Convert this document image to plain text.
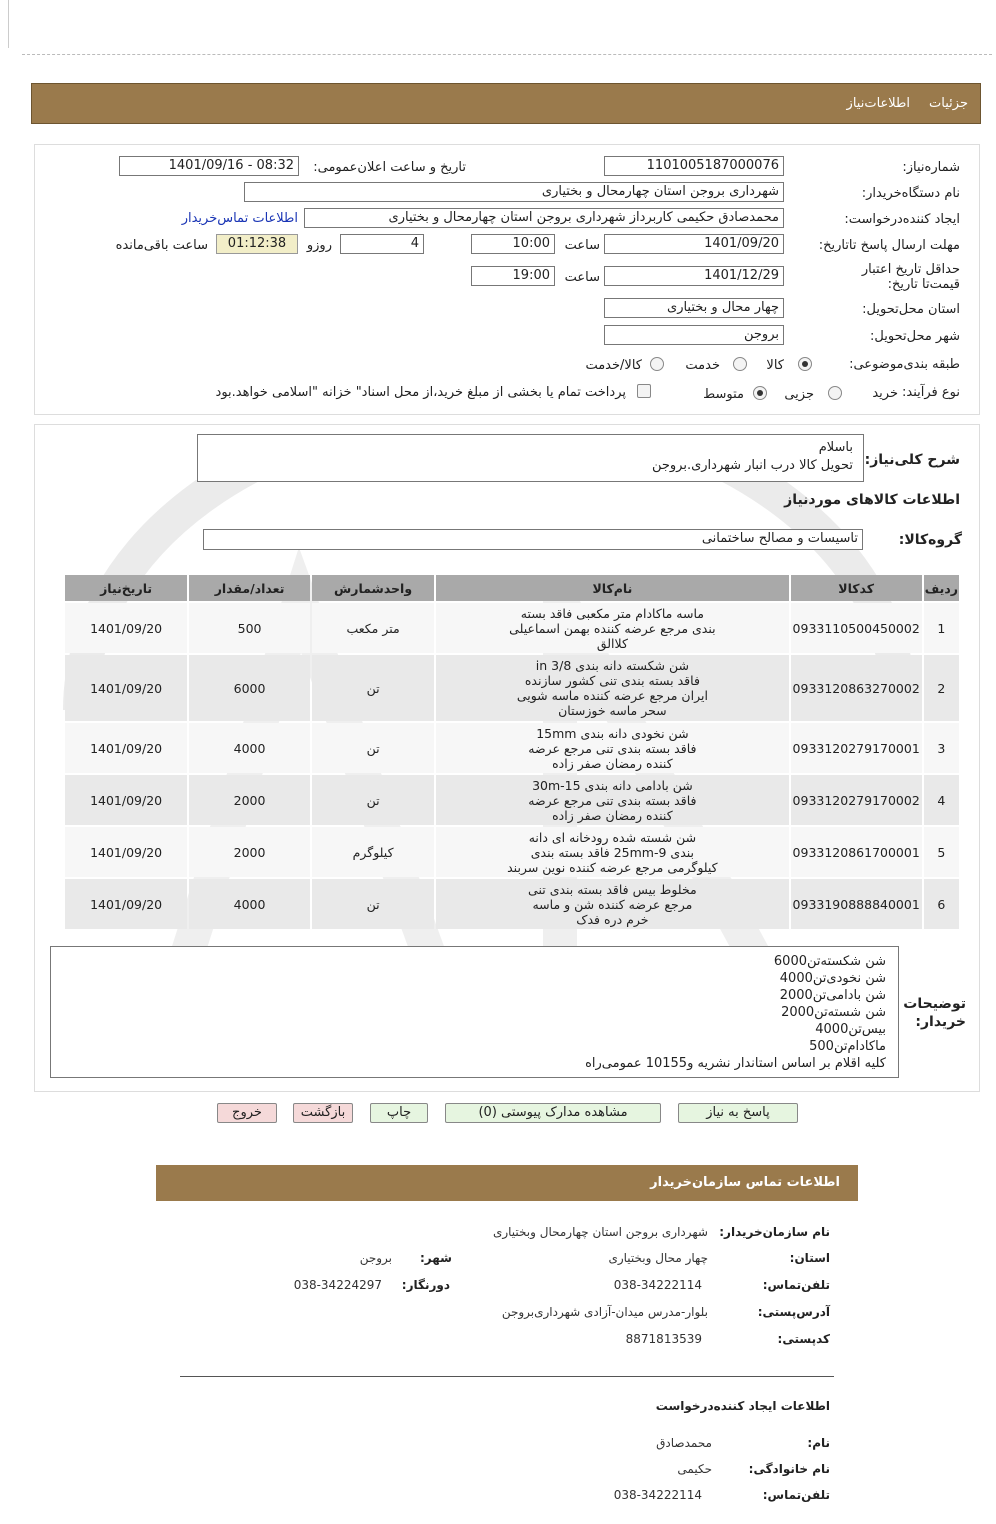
جزئیات
اطلاعات‌نیاز
شماره‌نیاز:
1101005187000076
تاریخ و ساعت اعلان‌عمومی:
1401/09/16 - 08:32
نام دستگاه‌خریدار:
شهرداری بروجن استان چهارمحال و بختیاری
ایجاد کننده‌درخواست:
محمدصادق حکیمی کاربرداز شهرداری بروجن استان چهارمحال و بختیاری
اطلاعات تماس‌خریدار
مهلت ارسال پاسخ تا‌تاریخ:
1401/09/20
ساعت
10:00
4
روزو
01:12:38
ساعت باقی‌مانده
حداقل تاریخ اعتبار قیمت‌تا تاریخ:
1401/12/29
ساعت
19:00
استان محل‌تحویل:
چهار محال و بختیاری
شهر محل‌تحویل:
بروجن
طبقه بندی‌موضوعی:
کالا
خدمت
کالا/خدمت
نوع فرآیند:
خرید
جزیی
متوسط
پرداخت تمام یا بخشی از مبلغ خرید،از محل اسناد" خزانه "اسلامی خواهد.بود
شرح کلی‌نیاز:
باسلام
تحویل کالا درب انبار شهرداری.بروجن
اطلاعات کالاهای موردنیاز
گروه‌کالا:
تاسیسات و مصالح ساختمانی
ردیف	کدکالا	نام‌کالا	واحدشمارش	تعداد/مقدار	تاریخ‌نیاز
1	0933110500450002	ماسه ماکادام متر مکعبی فاقد بسته
بندی مرجع عرضه کننده بهمن اسماعیلی
کلاالق	متر مکعب	500	1401/09/20
2	0933120863270002	شن شکسته دانه بندی 3/8 in
فاقد بسته بندی تنی کشور سازنده
ایران مرجع عرضه کننده ماسه شویی
سحر ماسه خوزستان	تن	6000	1401/09/20
3	0933120279170001	شن نخودی دانه بندی 15mm
فاقد بسته بندی تنی مرجع عرضه
کننده رمضان صفر زاده	تن	4000	1401/09/20
4	0933120279170002	شن بادامی دانه بندی 15-30m
فاقد بسته بندی تنی مرجع عرضه
کننده رمضان صفر زاده	تن	2000	1401/09/20
5	0933120861700001	شن شسته شده رودخانه ای دانه
بندی 9-25mm فاقد بسته بندی
کیلوگرمی مرجع عرضه کننده نوین سربند	کیلوگرم	2000	1401/09/20
6	0933190888840001	مخلوط بیس فاقد بسته بندی تنی
مرجع عرضه کننده شن و ماسه
خرم دره فدک	تن	4000	1401/09/20
توضیحات خریدار:
شن شکسته‌تن6000
شن نخودی‌تن4000
شن بادامی‌تن2000
شن شسته‌تن2000
بیس‌تن4000
ماکادام‌تن500
کلیه اقلام بر اساس استاندار نشریه و10155 عمومی‌راه
پاسخ به نیاز
مشاهده مدارک پیوستی (0)
چاپ
بازگشت
خروج
اطلاعات تماس سازمان‌خریدار
نام سازمان‌خریدار:
شهرداری بروجن استان چهارمحال وبختیاری
استان:
چهار محال وبختیاری
شهر:
بروجن
تلفن‌تماس:
038-34222114
دورنگار:
038-34224297
آدرس‌پستی:
بلوار-مدرس میدان-آزادی شهرداری‌بروجن
کدپستی:
8871813539
اطلاعات ایجاد کننده‌درخواست
نام:
محمدصادق
نام خانوادگی:
حکیمی
تلفن‌تماس:
038-34222114
